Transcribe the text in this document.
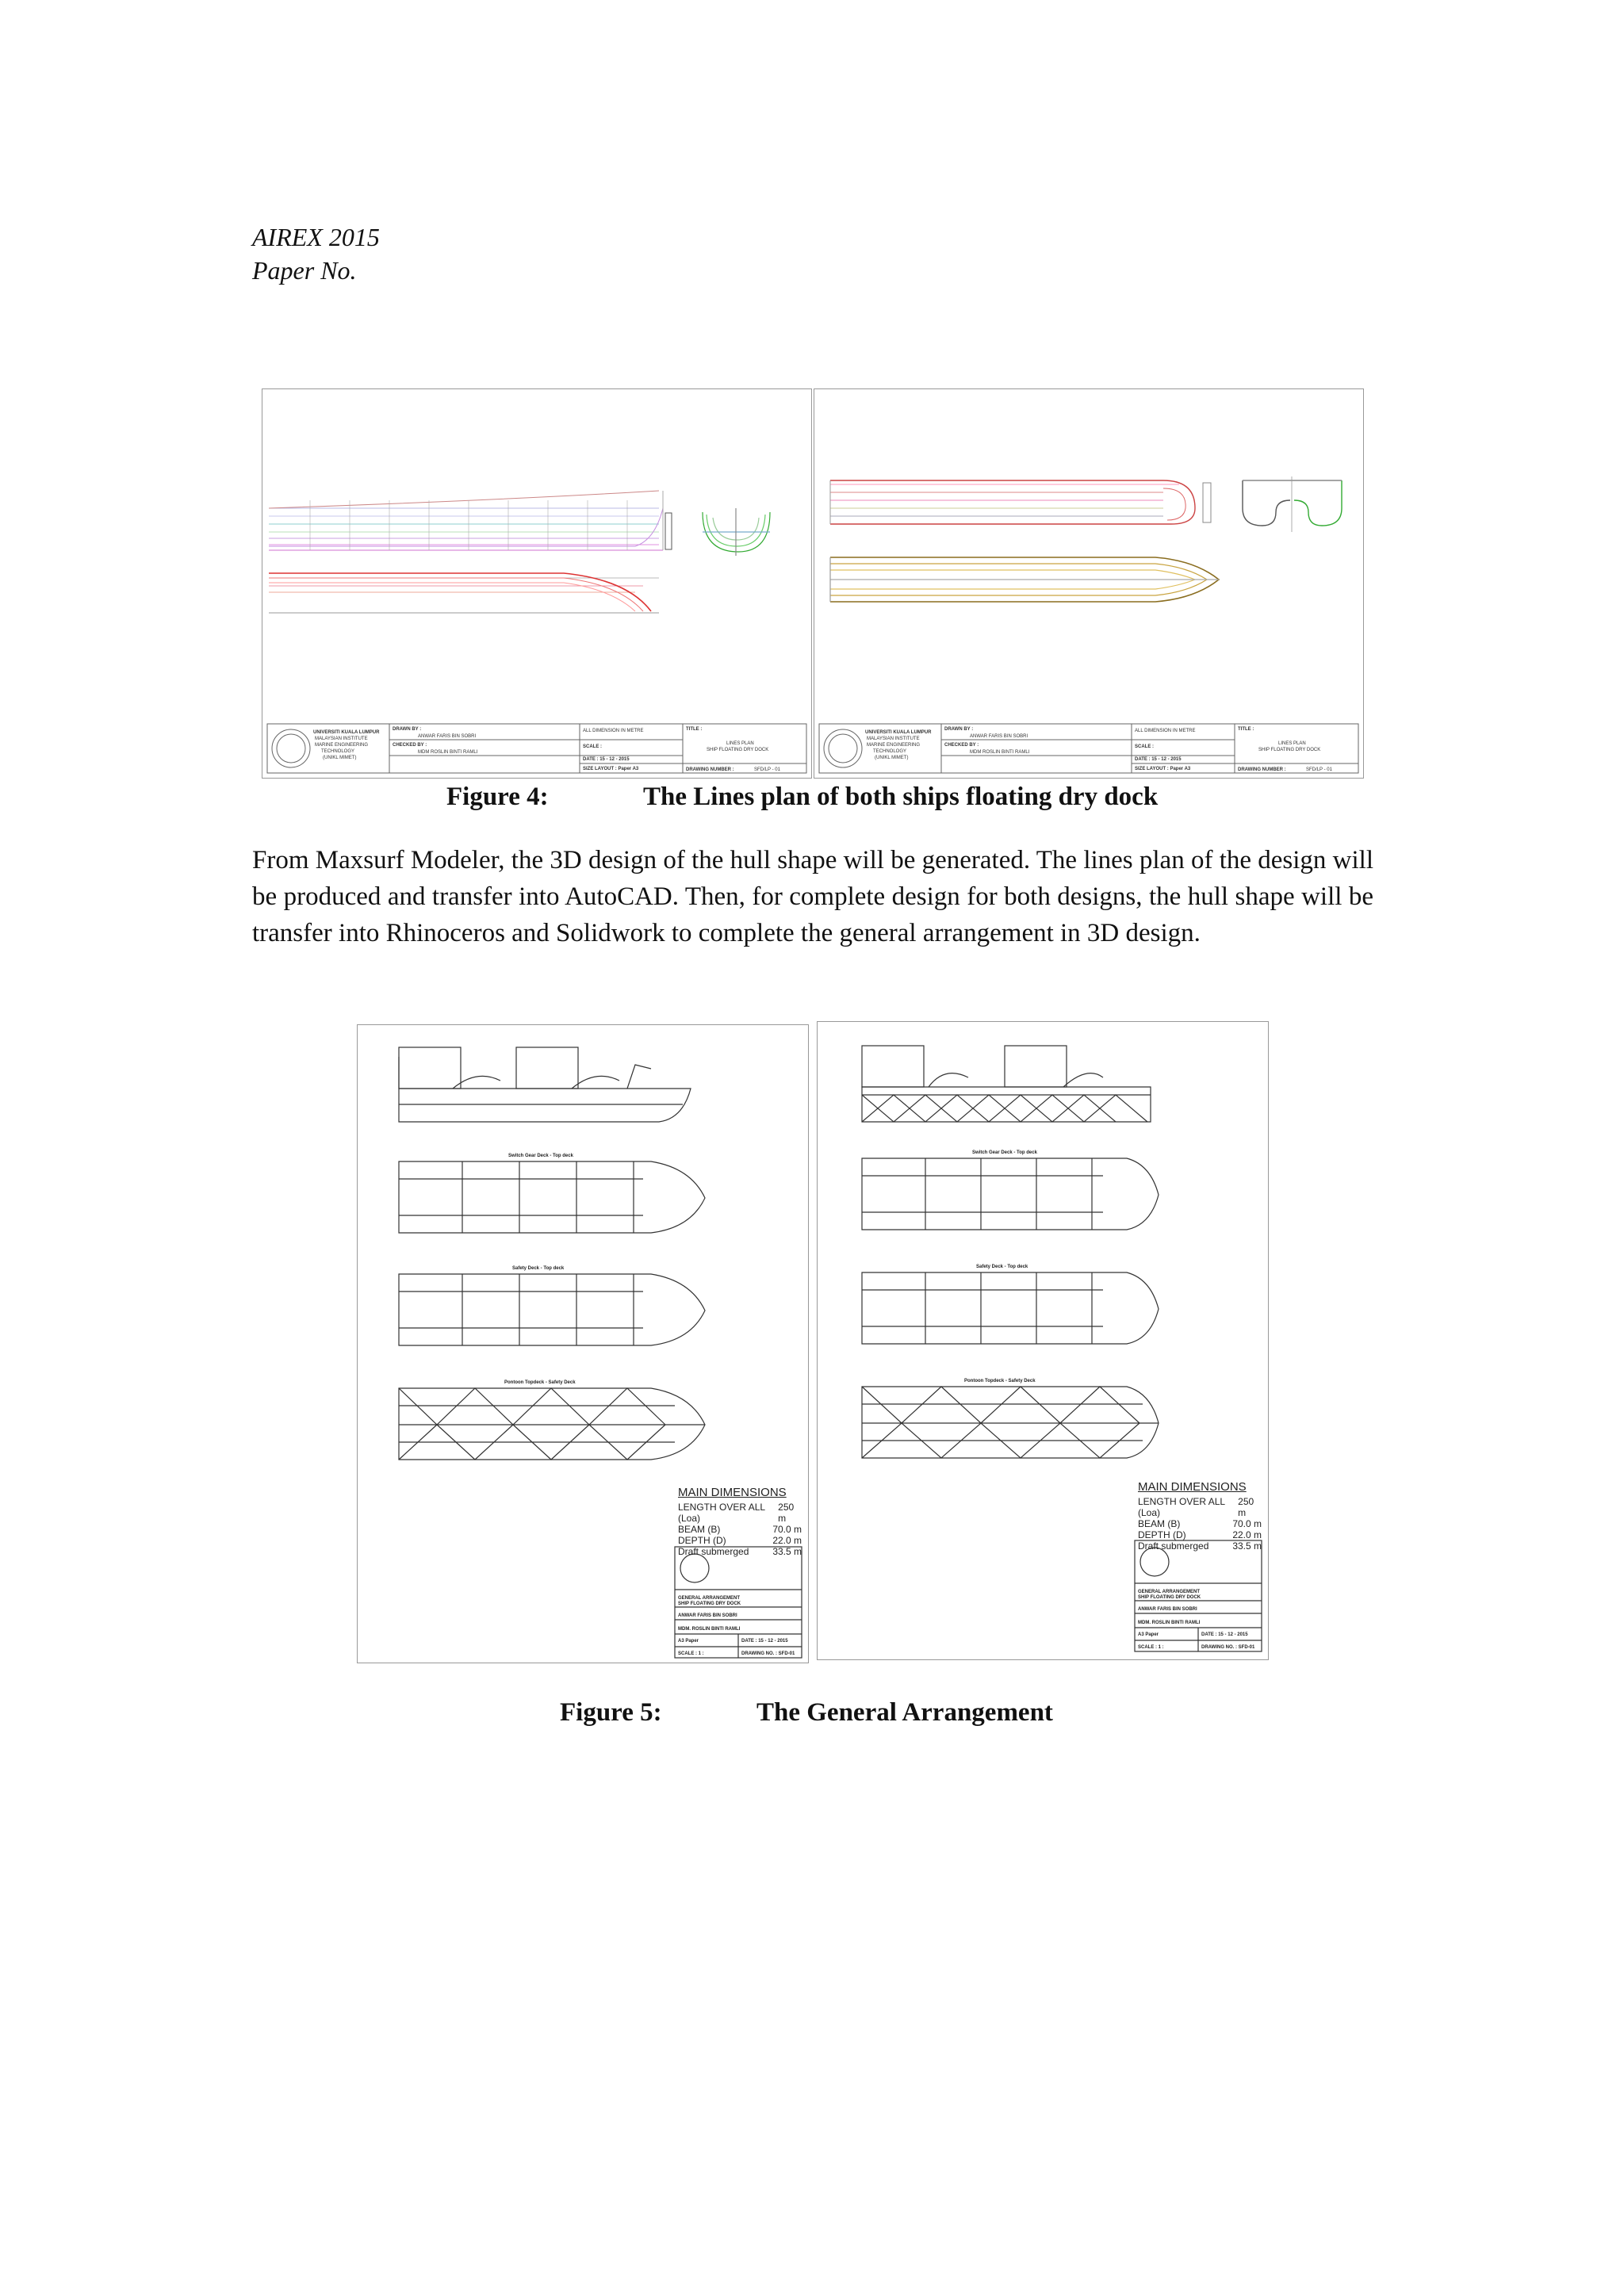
AIREX 2015
Paper No.
UNIVERSITI KUALA LUMPUR
MALAYSIAN INSTITUTE
MARINE ENGINEERING
TECHNOLOGY
(UNIKL MIMET)
DRAWN BY :
ANWAR FARIS BIN SOBRI
CHECKED BY :
MDM ROSLIN BINTI RAMLI
ALL DIMENSION IN METRE
SCALE :
DATE : 15 - 12 - 2015
SIZE LAYOUT : Paper A3
TITLE :
LINES PLAN
SHIP FLOATING DRY DOCK
DRAWING NUMBER :	SFD/LP - 01
UNIVERSITI KUALA LUMPUR
MALAYSIAN INSTITUTE
MARINE ENGINEERING
TECHNOLOGY
(UNIKL MIMET)
DRAWN BY :
ANWAR FARIS BIN SOBRI
CHECKED BY :
MDM ROSLIN BINTI RAMLI
ALL DIMENSION IN METRE
SCALE :
DATE : 15 - 12 - 2015
SIZE LAYOUT : Paper A3
TITLE :
LINES PLAN
SHIP FLOATING DRY DOCK
DRAWING NUMBER :	SFD/LP - 01
Figure 4:	The Lines plan of both ships floating dry dock
From Maxsurf Modeler, the 3D design of the hull shape will be generated. The lines plan of the design will be produced and transfer into AutoCAD. Then, for complete design for both designs, the hull shape will be transfer into Rhinoceros and Solidwork to complete the general arrangement in 3D design.
Switch Gear Deck - Top deck
Safety Deck - Top deck
Pontoon Topdeck - Safety Deck
GENERAL ARRANGEMENT
SHIP FLOATING DRY DOCK
ANWAR FARIS BIN SOBRI
MDM. ROSLIN BINTI RAMLI
A3 Paper	DATE : 15 - 12 - 2015
SCALE : 1 :	DRAWING NO. : SFD-01
MAIN DIMENSIONS
LENGTH OVER ALL (Loa)
250 m
BEAM (B)	70.0 m
DEPTH (D)	22.0 m
Draft submerged 33.5 m
Switch Gear Deck - Top deck
Safety Deck - Top deck
Pontoon Topdeck - Safety Deck
GENERAL ARRANGEMENT
SHIP FLOATING DRY DOCK
ANWAR FARIS BIN SOBRI
MDM. ROSLIN BINTI RAMLI
A3 Paper	DATE : 15 - 12 - 2015
SCALE : 1 :	DRAWING NO. : SFD-01
MAIN DIMENSIONS
LENGTH OVER ALL (Loa)
250 m
BEAM (B)	70.0 m
DEPTH (D)	22.0 m
Draft submerged 33.5 m
Figure 5:	The General Arrangement
